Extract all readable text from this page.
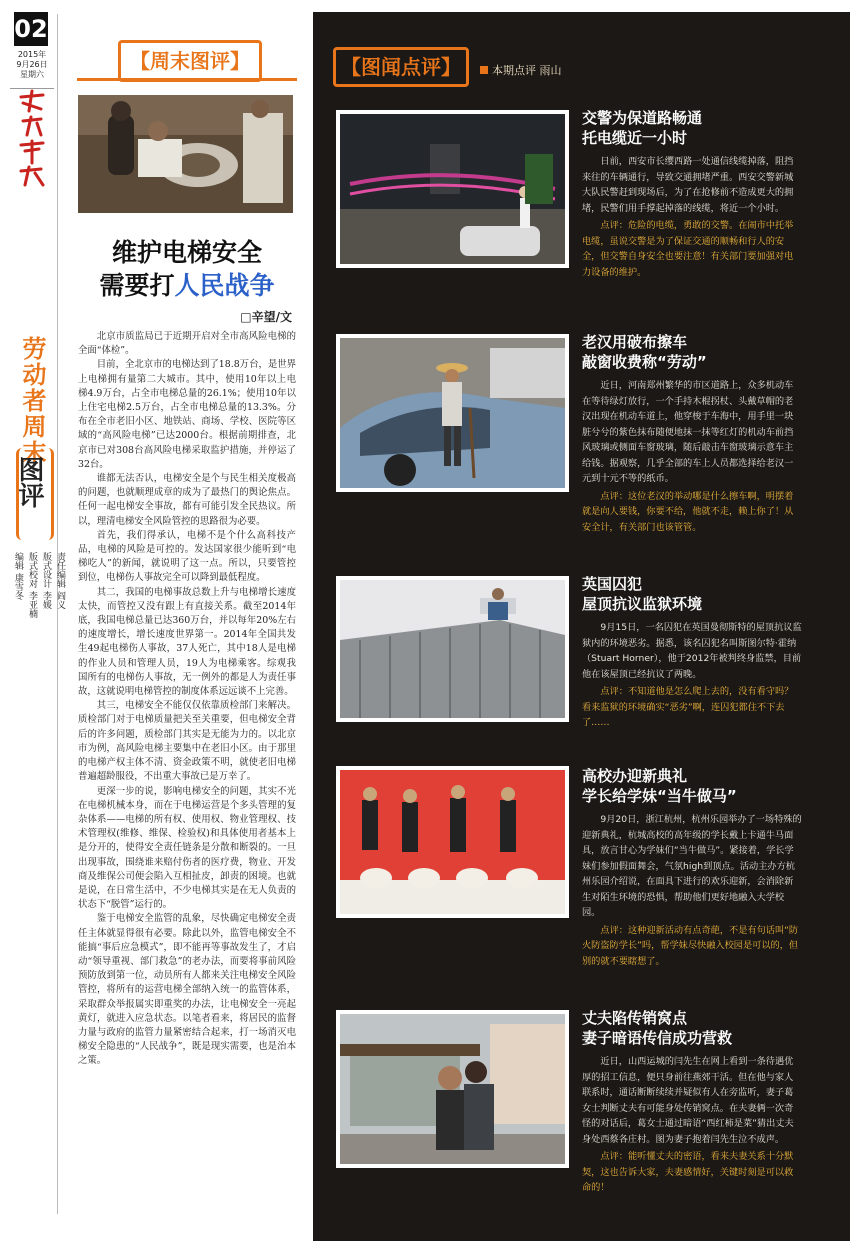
02
2015年
9月26日
星期六
劳动者周末
图评
责任编辑 阎义
版式设计 李媛
版式校对 李亚楠
编辑 康雪冬
【周末图评】
维护电梯安全
需要打人民战争
□辛望/文

北京市质监局已于近期开启对全市高风险电梯的全面“体检”。

目前，全北京市的电梯达到了18.8万台，是世界上电梯拥有量第二大城市。其中，使用10年以上电梯4.9万台，占全市电梯总量的26.1%；使用10年以上住宅电梯2.5万台，占全市电梯总量的13.3%。分布在全市老旧小区、地铁站、商场、学校、医院等区域的“高风险电梯”已达2000台。根据前期排查，北京市已对308台高风险电梯采取监护措施，并停运了32台。

谁都无法否认，电梯安全是个与民生相关度极高的问题，也就顺理成章的成为了最热门的舆论焦点。任何一起电梯安全事故，都有可能引发全民热议。所以，理清电梯安全风险管控的思路很为必要。

首先，我们得承认，电梯不是个什么高科技产品，电梯的风险是可控的。发达国家很少能听到“电梯吃人”的新闻，就说明了这一点。所以，只要管控到位，电梯伤人事故完全可以降到最低程度。

其二，我国的电梯事故总数上升与电梯增长速度太快，而管控又没有跟上有直接关系。截至2014年底，我国电梯总量已达360万台，并以每年20%左右的速度增长，增长速度世界第一。2014年全国共发生49起电梯伤人事故，37人死亡，其中18人是电梯的作业人员和管理人员，19人为电梯乘客。综观我国所有的电梯伤人事故，无一例外的都是人为责任事故，这就说明电梯管控的制度体系远远谈不上完善。

其三，电梯安全不能仅仅依靠质检部门来解决。质检部门对于电梯质量把关至关重要，但电梯安全背后的许多问题，质检部门其实是无能为力的。以北京市为例，高风险电梯主要集中在老旧小区。由于那里的电梯产权主体不清、资金政策不明，就使老旧电梯普遍超龄服役，不出重大事故已是万幸了。

更深一步的说，影响电梯安全的问题，其实不光在电梯机械本身，而在于电梯运营是个多头管理的复杂体系——电梯的所有权、使用权、物业管理权、技术管理权(维修、维保、检验权)和具体使用者基本上是分开的，使得安全责任链条是分散和断裂的。一旦出现事故，围绕谁来赔付伤者的医疗费，物业、开发商及维保公司便会陷入互相扯皮，卸责的困境。也就是说，在日常生活中，不少电梯其实是在无人负责的状态下“脱管”运行的。

鉴于电梯安全监管的乱象，尽快确定电梯安全责任主体就显得很有必要。除此以外，监管电梯安全不能搞“事后应急模式”，即不能再等事故发生了，才启动“领导重视、部门救急”的老办法，而要将事前风险预防放到第一位，动员所有人都来关注电梯安全风险管控，将所有的运营电梯全部纳入统一的监管体系，采取群众举报属实即重奖的办法，让电梯安全一亮起黄灯，就进入应急状态。以笔者看来，将居民的监督力量与政府的监管力量紧密结合起来，打一场消灭电梯安全隐患的“人民战争”，既是现实需要，也是治本之策。

【图闻点评】	本期点评 雨山

交警为保道路畅通
托电缆近一小时

日前，西安市长缨西路一处通信线缆掉落，阻挡来往的车辆通行，导致交通拥堵严重。西安交警新城大队民警赶到现场后，为了在抢修前不造成更大的拥堵，民警们用手撑起掉落的线缆，将近一个小时。

点评：危险的电缆，勇敢的交警。在闹市中托举电缆，虽说交警是为了保证交通的顺畅和行人的安全，但交警自身安全也要注意！有关部门要加强对电力设备的维护。

老汉用破布擦车
敲窗收费称“劳动”

近日，河南郑州繁华的市区道路上，众多机动车在等待绿灯放行，一个手持木棍拐杖、头戴草帽的老汉出现在机动车道上，他穿梭于车海中，用手里一块脏兮兮的紫色抹布随便地抹一抹等红灯的机动车前挡风玻璃或侧面车窗玻璃，随后敲击车窗玻璃示意车主给钱。据观察，几乎全部的车上人员都选择给老汉一元到十元不等的纸币。

点评：这位老汉的举动哪是什么擦车啊，明摆着就是向人要钱，你要不给，他就不走，赖上你了！从安全计，有关部门也该管管。

英国囚犯
屋顶抗议监狱环境

9月15日，一名囚犯在英国曼彻斯特的屋顶抗议监狱内的环境恶劣。据悉，该名囚犯名叫斯图尔特·霍纳（Stuart Horner），他于2012年被判终身监禁，目前他在该屋顶已经抗议了两晚。

点评：不知道他是怎么爬上去的，没有看守吗？看来监狱的环境确实“恶劣”啊，连囚犯都住不下去了……

高校办迎新典礼
学长给学妹“当牛做马”

9月20日，浙江杭州，杭州乐园举办了一场特殊的迎新典礼，杭城高校的高年级的学长戴上卡通牛马面具，放言甘心为学妹们“当牛做马”。紧接着，学长学妹们参加假面舞会，气氛high到顶点。活动主办方杭州乐园介绍说，在面具下进行的欢乐迎新，会消除新生对陌生环境的恐惧，帮助他们更好地融入大学校园。

点评：这种迎新活动有点奇葩，不是有句话叫“防火防盗防学长”吗，帮学妹尽快融入校园是可以的，但别的就不要瞎想了。

丈夫陷传销窝点
妻子暗语传信成功营救

近日，山西运城的闫先生在网上看到一条待遇优厚的招工信息，便只身前往燕郊干活。但在他与家人联系时，通话断断续续并疑似有人在旁监听，妻子葛女士判断丈夫有可能身处传销窝点。在夫妻俩一次奇怪的对话后，葛女士通过暗语“西红柿是菜”猜出丈夫身处西蔡各庄村。图为妻子抱着闫先生泣不成声。

点评：能听懂丈夫的密语，看来夫妻关系十分默契，这也告诉大家，夫妻感情好，关键时刻是可以救命的！
